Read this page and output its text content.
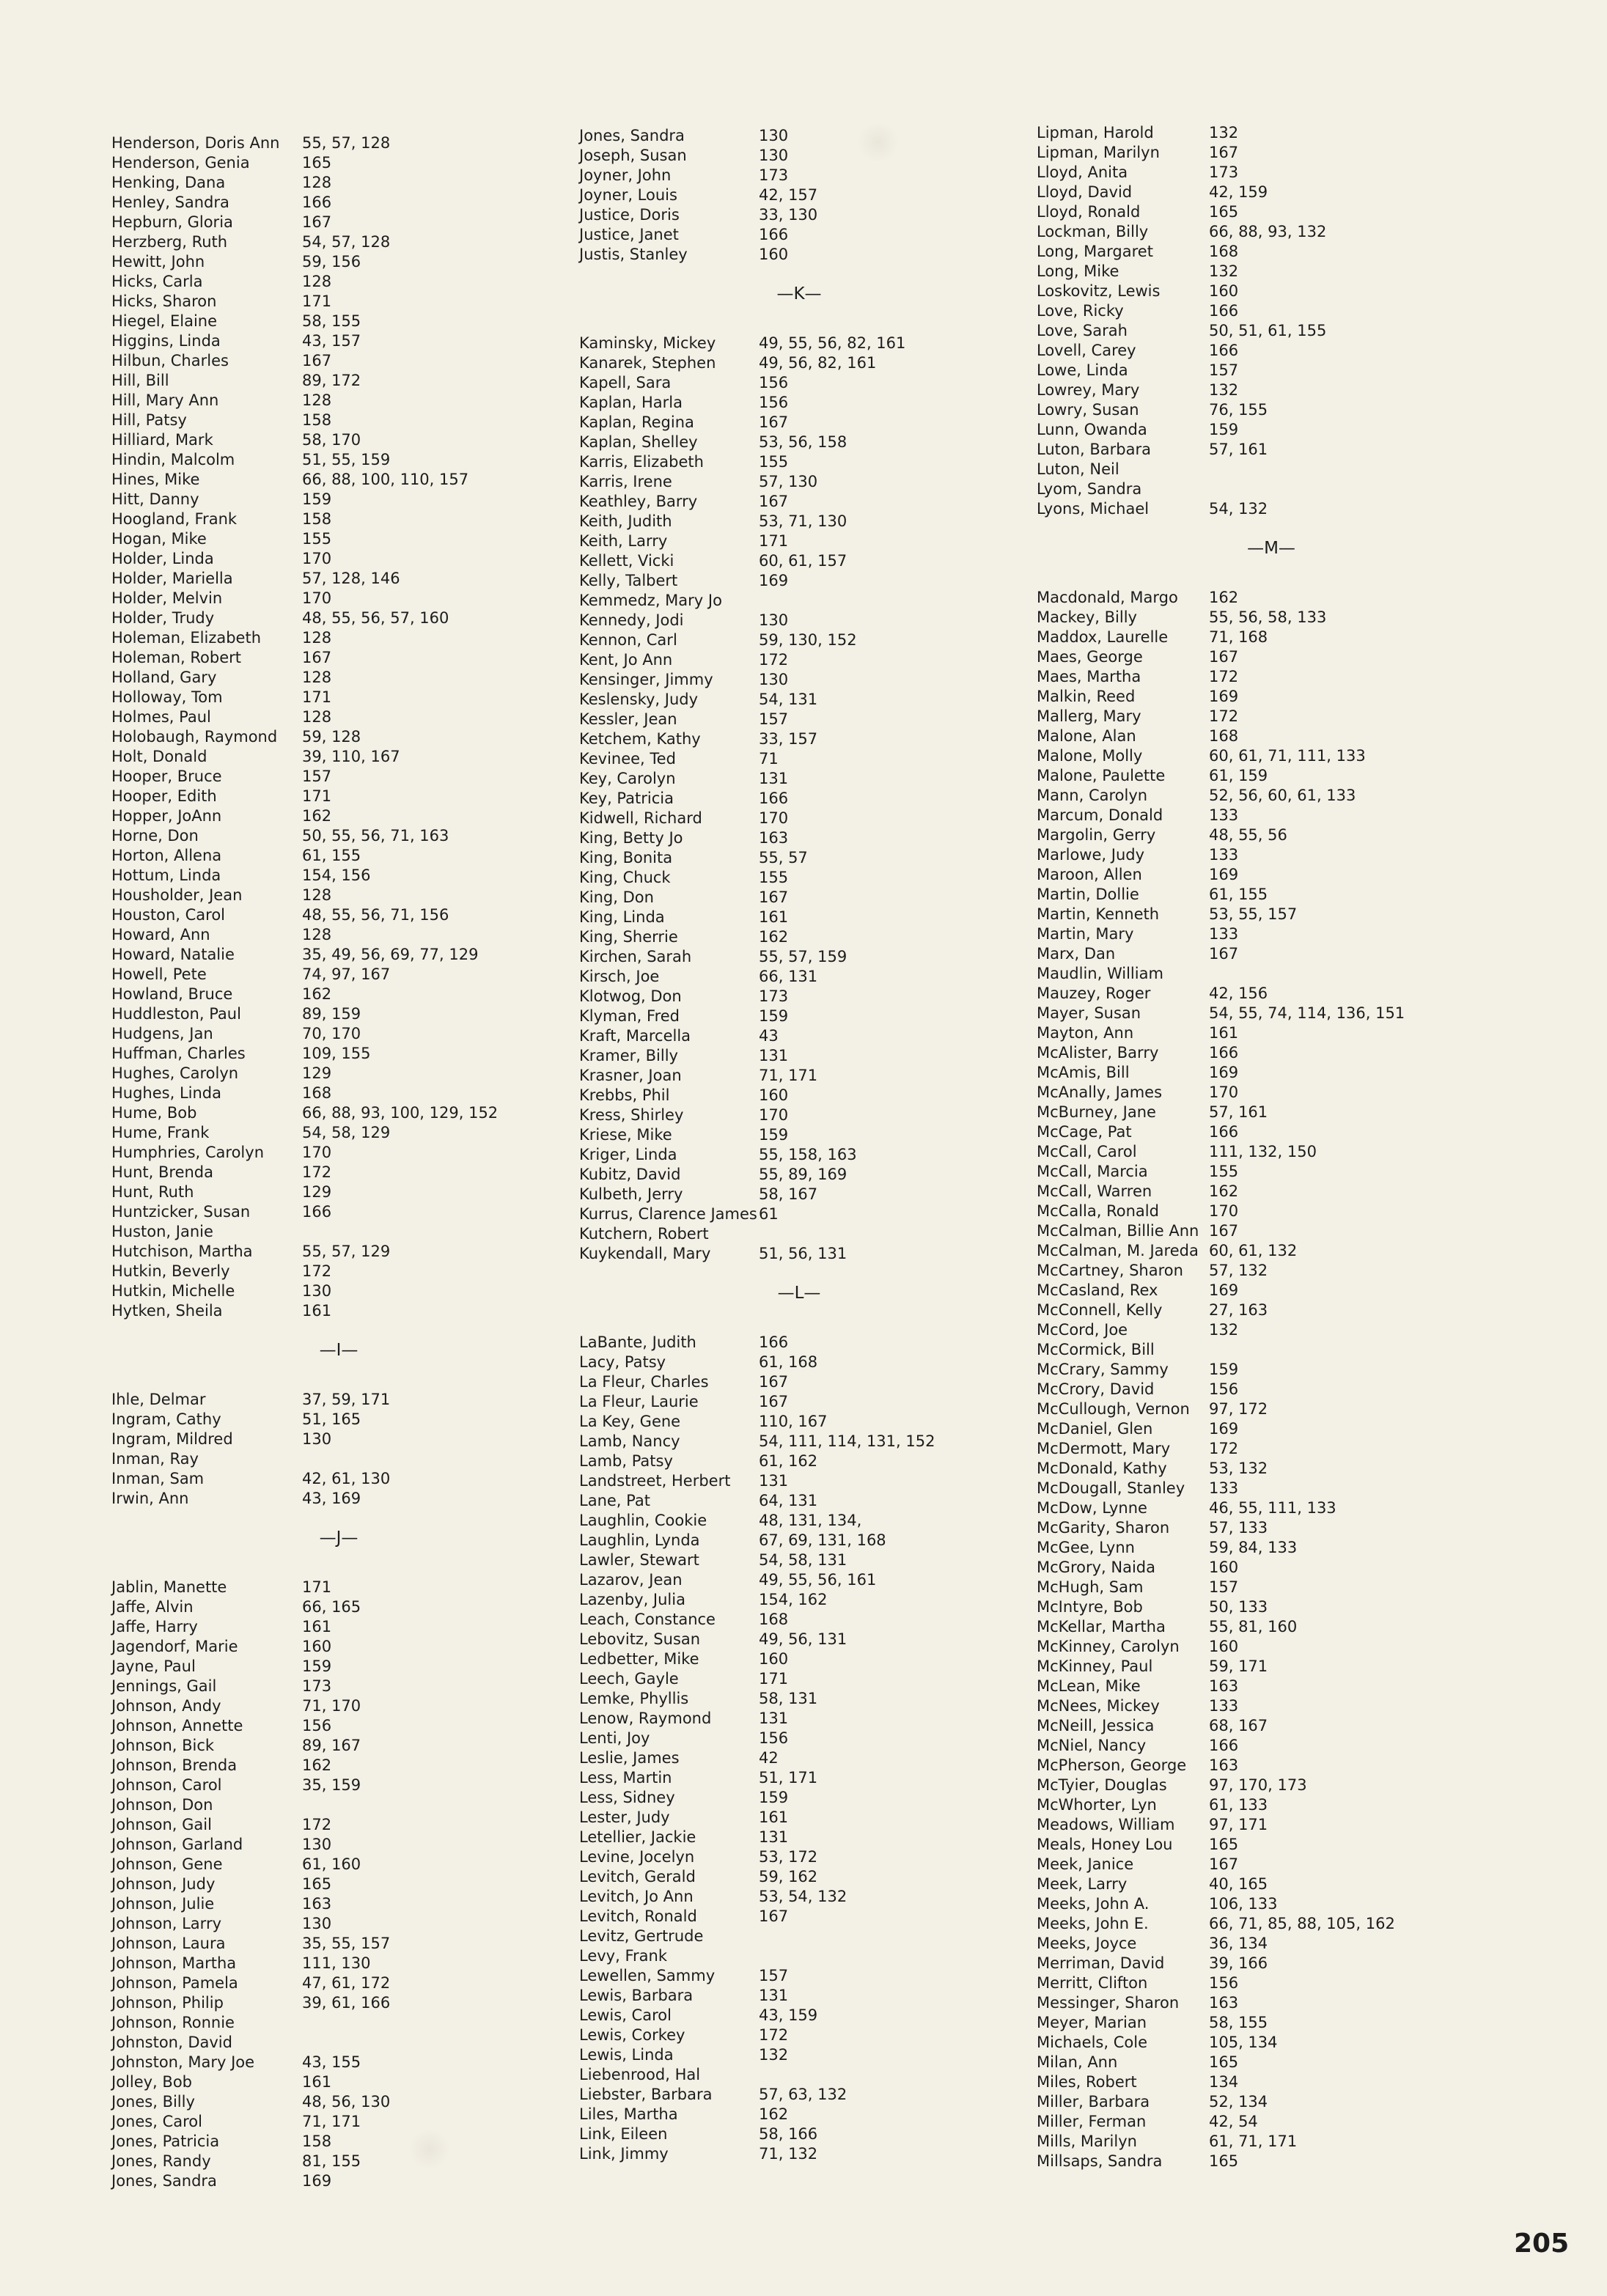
Henderson, Doris Ann 55, 57, 128
Henderson, Genia	165
Henking, Dana	128
Henley, Sandra	166
Hepburn, Gloria	167
Herzberg, Ruth	54, 57, 128
Hewitt, John	59, 156
Hicks, Carla	128
Hicks, Sharon	171
Hiegel, Elaine	58, 155
Higgins, Linda	43, 157
Hilbun, Charles	167
Hill, Bill	89, 172
Hill, Mary Ann	128
Hill, Patsy	158
Hilliard, Mark	58, 170
Hindin, Malcolm	51, 55, 159
Hines, Mike	66, 88, 100, 110, 157
Hitt, Danny	159
Hoogland, Frank	158
Hogan, Mike	155
Holder, Linda	170
Holder, Mariella	57, 128, 146
Holder, Melvin	170
Holder, Trudy	48, 55, 56, 57, 160
Holeman, Elizabeth	128
Holeman, Robert	167
Holland, Gary	128
Holloway, Tom	171
Holmes, Paul	128
Holobaugh, Raymond 59, 128
Holt, Donald	39, 110, 167
Hooper, Bruce	157
Hooper, Edith	171
Hopper, JoAnn	162
Horne, Don	50, 55, 56, 71, 163
Horton, Allena	61, 155
Hottum, Linda	154, 156
Housholder, Jean	128
Houston, Carol	48, 55, 56, 71, 156
Howard, Ann	128
Howard, Natalie	35, 49, 56, 69, 77, 129
Howell, Pete	74, 97, 167
Howland, Bruce	162
Huddleston, Paul	89, 159
Hudgens, Jan	70, 170
Huffman, Charles	109, 155
Hughes, Carolyn	129
Hughes, Linda	168
Hume, Bob	66, 88, 93, 100, 129, 152
Hume, Frank	54, 58, 129
Humphries, Carolyn 170
Hunt, Brenda	172
Hunt, Ruth	129
Huntzicker, Susan	166
Huston, Janie
Hutchison, Martha	55, 57, 129
Hutkin, Beverly	172
Hutkin, Michelle	130
Hytken, Sheila	161
—I—
Ihle, Delmar	37, 59, 171
Ingram, Cathy	51, 165
Ingram, Mildred	130
Inman, Ray
Inman, Sam	42, 61, 130
Irwin, Ann	43, 169
—J—
Jablin, Manette	171
Jaffe, Alvin	66, 165
Jaffe, Harry	161
Jagendorf, Marie	160
Jayne, Paul	159
Jennings, Gail	173
Johnson, Andy	71, 170
Johnson, Annette	156
Johnson, Bick	89, 167
Johnson, Brenda	162
Johnson, Carol	35, 159
Johnson, Don
Johnson, Gail	172
Johnson, Garland	130
Johnson, Gene	61, 160
Johnson, Judy	165
Johnson, Julie	163
Johnson, Larry	130
Johnson, Laura	35, 55, 157
Johnson, Martha	111, 130
Johnson, Pamela	47, 61, 172
Johnson, Philip	39, 61, 166
Johnson, Ronnie
Johnston, David
Johnston, Mary Joe	43, 155
Jolley, Bob	161
Jones, Billy	48, 56, 130
Jones, Carol	71, 171
Jones, Patricia	158
Jones, Randy	81, 155
Jones, Sandra	169
Jones, Sandra	130
Joseph, Susan	130
Joyner, John	173
Joyner, Louis	42, 157
Justice, Doris	33, 130
Justice, Janet	166
Justis, Stanley	160
—K—
Kaminsky, Mickey	49, 55, 56, 82, 161
Kanarek, Stephen	49, 56, 82, 161
Kapell, Sara	156
Kaplan, Harla	156
Kaplan, Regina	167
Kaplan, Shelley	53, 56, 158
Karris, Elizabeth	155
Karris, Irene	57, 130
Keathley, Barry	167
Keith, Judith	53, 71, 130
Keith, Larry	171
Kellett, Vicki	60, 61, 157
Kelly, Talbert	169
Kemmedz, Mary Jo
Kennedy, Jodi	130
Kennon, Carl	59, 130, 152
Kent, Jo Ann	172
Kensinger, Jimmy	130
Keslensky, Judy	54, 131
Kessler, Jean	157
Ketchem, Kathy	33, 157
Kevinee, Ted	71
Key, Carolyn	131
Key, Patricia	166
Kidwell, Richard	170
King, Betty Jo	163
King, Bonita	55, 57
King, Chuck	155
King, Don	167
King, Linda	161
King, Sherrie	162
Kirchen, Sarah	55, 57, 159
Kirsch, Joe	66, 131
Klotwog, Don	173
Klyman, Fred	159
Kraft, Marcella	43
Kramer, Billy	131
Krasner, Joan	71, 171
Krebbs, Phil	160
Kress, Shirley	170
Kriese, Mike	159
Kriger, Linda	55, 158, 163
Kubitz, David	55, 89, 169
Kulbeth, Jerry	58, 167
Kurrus, Clarence James 61
Kutchern, Robert
Kuykendall, Mary	51, 56, 131
—L—
LaBante, Judith	166
Lacy, Patsy	61, 168
La Fleur, Charles	167
La Fleur, Laurie	167
La Key, Gene	110, 167
Lamb, Nancy	54, 111, 114, 131, 152
Lamb, Patsy	61, 162
Landstreet, Herbert 131
Lane, Pat	64, 131
Laughlin, Cookie	48, 131, 134,
Laughlin, Lynda	67, 69, 131, 168
Lawler, Stewart	54, 58, 131
Lazarov, Jean	49, 55, 56, 161
Lazenby, Julia	154, 162
Leach, Constance	168
Lebovitz, Susan	49, 56, 131
Ledbetter, Mike	160
Leech, Gayle	171
Lemke, Phyllis	58, 131
Lenow, Raymond	131
Lenti, Joy	156
Leslie, James	42
Less, Martin	51, 171
Less, Sidney	159
Lester, Judy	161
Letellier, Jackie	131
Levine, Jocelyn	53, 172
Levitch, Gerald	59, 162
Levitch, Jo Ann	53, 54, 132
Levitch, Ronald	167
Levitz, Gertrude
Levy, Frank
Lewellen, Sammy	157
Lewis, Barbara	131
Lewis, Carol	43, 159
Lewis, Corkey	172
Lewis, Linda	132
Liebenrood, Hal
Liebster, Barbara	57, 63, 132
Liles, Martha	162
Link, Eileen	58, 166
Link, Jimmy	71, 132
Lipman, Harold	132
Lipman, Marilyn	167
Lloyd, Anita	173
Lloyd, David	42, 159
Lloyd, Ronald	165
Lockman, Billy	66, 88, 93, 132
Long, Margaret	168
Long, Mike	132
Loskovitz, Lewis	160
Love, Ricky	166
Love, Sarah	50, 51, 61, 155
Lovell, Carey	166
Lowe, Linda	157
Lowrey, Mary	132
Lowry, Susan	76, 155
Lunn, Owanda	159
Luton, Barbara	57, 161
Luton, Neil
Lyom, Sandra
Lyons, Michael	54, 132
—M—
Macdonald, Margo 162
Mackey, Billy	55, 56, 58, 133
Maddox, Laurelle	71, 168
Maes, George	167
Maes, Martha	172
Malkin, Reed	169
Mallerg, Mary	172
Malone, Alan	168
Malone, Molly	60, 61, 71, 111, 133
Malone, Paulette	61, 159
Mann, Carolyn	52, 56, 60, 61, 133
Marcum, Donald	133
Margolin, Gerry	48, 55, 56
Marlowe, Judy	133
Maroon, Allen	169
Martin, Dollie	61, 155
Martin, Kenneth	53, 55, 157
Martin, Mary	133
Marx, Dan	167
Maudlin, William
Mauzey, Roger	42, 156
Mayer, Susan	54, 55, 74, 114, 136, 151
Mayton, Ann	161
McAlister, Barry	166
McAmis, Bill	169
McAnally, James	170
McBurney, Jane	57, 161
McCage, Pat	166
McCall, Carol	111, 132, 150
McCall, Marcia	155
McCall, Warren	162
McCalla, Ronald	170
McCalman, Billie Ann 167
McCalman, M. Jareda 60, 61, 132
McCartney, Sharon 57, 132
McCasland, Rex	169
McConnell, Kelly	27, 163
McCord, Joe	132
McCormick, Bill
McCrary, Sammy	159
McCrory, David	156
McCullough, Vernon 97, 172
McDaniel, Glen	169
McDermott, Mary	172
McDonald, Kathy	53, 132
McDougall, Stanley 133
McDow, Lynne	46, 55, 111, 133
McGarity, Sharon	57, 133
McGee, Lynn	59, 84, 133
McGrory, Naida	160
McHugh, Sam	157
McIntyre, Bob	50, 133
McKellar, Martha	55, 81, 160
McKinney, Carolyn 160
McKinney, Paul	59, 171
McLean, Mike	163
McNees, Mickey	133
McNeill, Jessica	68, 167
McNiel, Nancy	166
McPherson, George 163
McTyier, Douglas	97, 170, 173
McWhorter, Lyn	61, 133
Meadows, William 97, 171
Meals, Honey Lou 165
Meek, Janice	167
Meek, Larry	40, 165
Meeks, John A.	106, 133
Meeks, John E.	66, 71, 85, 88, 105, 162
Meeks, Joyce	36, 134
Merriman, David	39, 166
Merritt, Clifton	156
Messinger, Sharon 163
Meyer, Marian	58, 155
Michaels, Cole	105, 134
Milan, Ann	165
Miles, Robert	134
Miller, Barbara	52, 134
Miller, Ferman	42, 54
Mills, Marilyn	61, 71, 171
Millsaps, Sandra	165
205
